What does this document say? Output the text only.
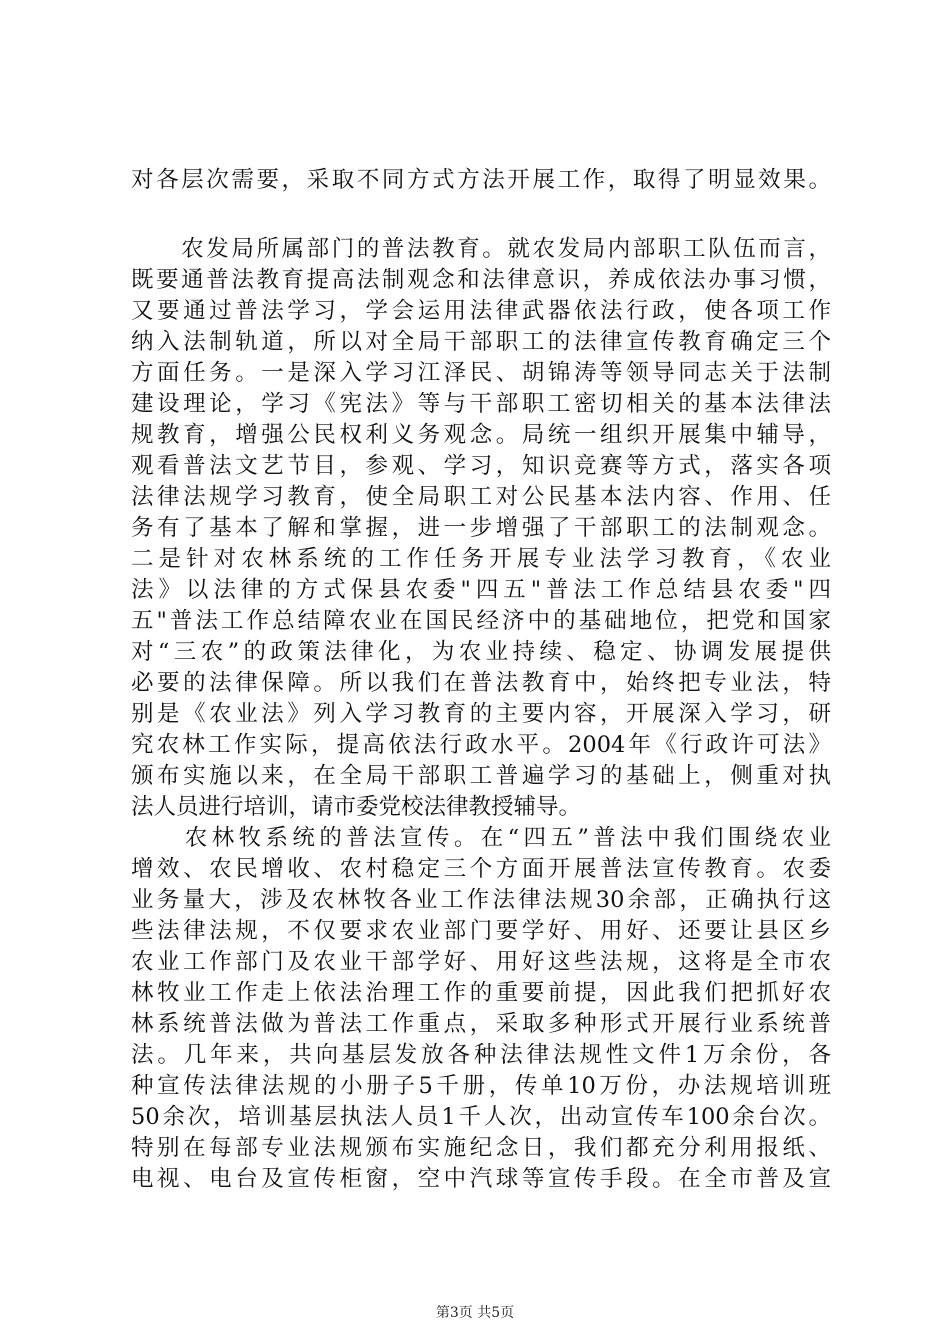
对各层次需要，采取不同方式方法开展工作，取得了明显效果。
　　农发局所属部门的普法教育。就农发局内部职工队伍而言，
既要通普法教育提高法制观念和法律意识，养成依法办事习惯，
又要通过普法学习，学会运用法律武器依法行政，使各项工作
纳入法制轨道，所以对全局干部职工的法律宣传教育确定三个
方面任务。一是深入学习江泽民、胡锦涛等领导同志关于法制
建设理论，学习《宪法》等与干部职工密切相关的基本法律法
规教育，增强公民权利义务观念。局统一组织开展集中辅导，
观看普法文艺节目，参观、学习，知识竞赛等方式，落实各项
法律法规学习教育，使全局职工对公民基本法内容、作用、任
务有了基本了解和掌握，进一步增强了干部职工的法制观念。
二是针对农林系统的工作任务开展专业法学习教育，《农业
法》以法律的方式保县农委"四五"普法工作总结县农委"四
五"普法工作总结障农业在国民经济中的基础地位，把党和国家
对“三农”的政策法律化，为农业持续、稳定、协调发展提供
必要的法律保障。所以我们在普法教育中，始终把专业法，特
别是《农业法》列入学习教育的主要内容，开展深入学习，研
究农林工作实际，提高依法行政水平。2004年《行政许可法》
颁布实施以来，在全局干部职工普遍学习的基础上，侧重对执
法人员进行培训，请市委党校法律教授辅导。
　　农林牧系统的普法宣传。在“四五”普法中我们围绕农业
增效、农民增收、农村稳定三个方面开展普法宣传教育。农委
业务量大，涉及农林牧各业工作法律法规30余部，正确执行这
些法律法规，不仅要求农业部门要学好、用好、还要让县区乡
农业工作部门及农业干部学好、用好这些法规，这将是全市农
林牧业工作走上依法治理工作的重要前提，因此我们把抓好农
林系统普法做为普法工作重点，采取多种形式开展行业系统普
法。几年来，共向基层发放各种法律法规性文件1万余份，各
种宣传法律法规的小册子5千册，传单10万份，办法规培训班
50余次，培训基层执法人员1千人次，出动宣传车100余台次。
特别在每部专业法规颁布实施纪念日，我们都充分利用报纸、
电视、电台及宣传柜窗，空中汽球等宣传手段。在全市普及宣
第3页 共5页
